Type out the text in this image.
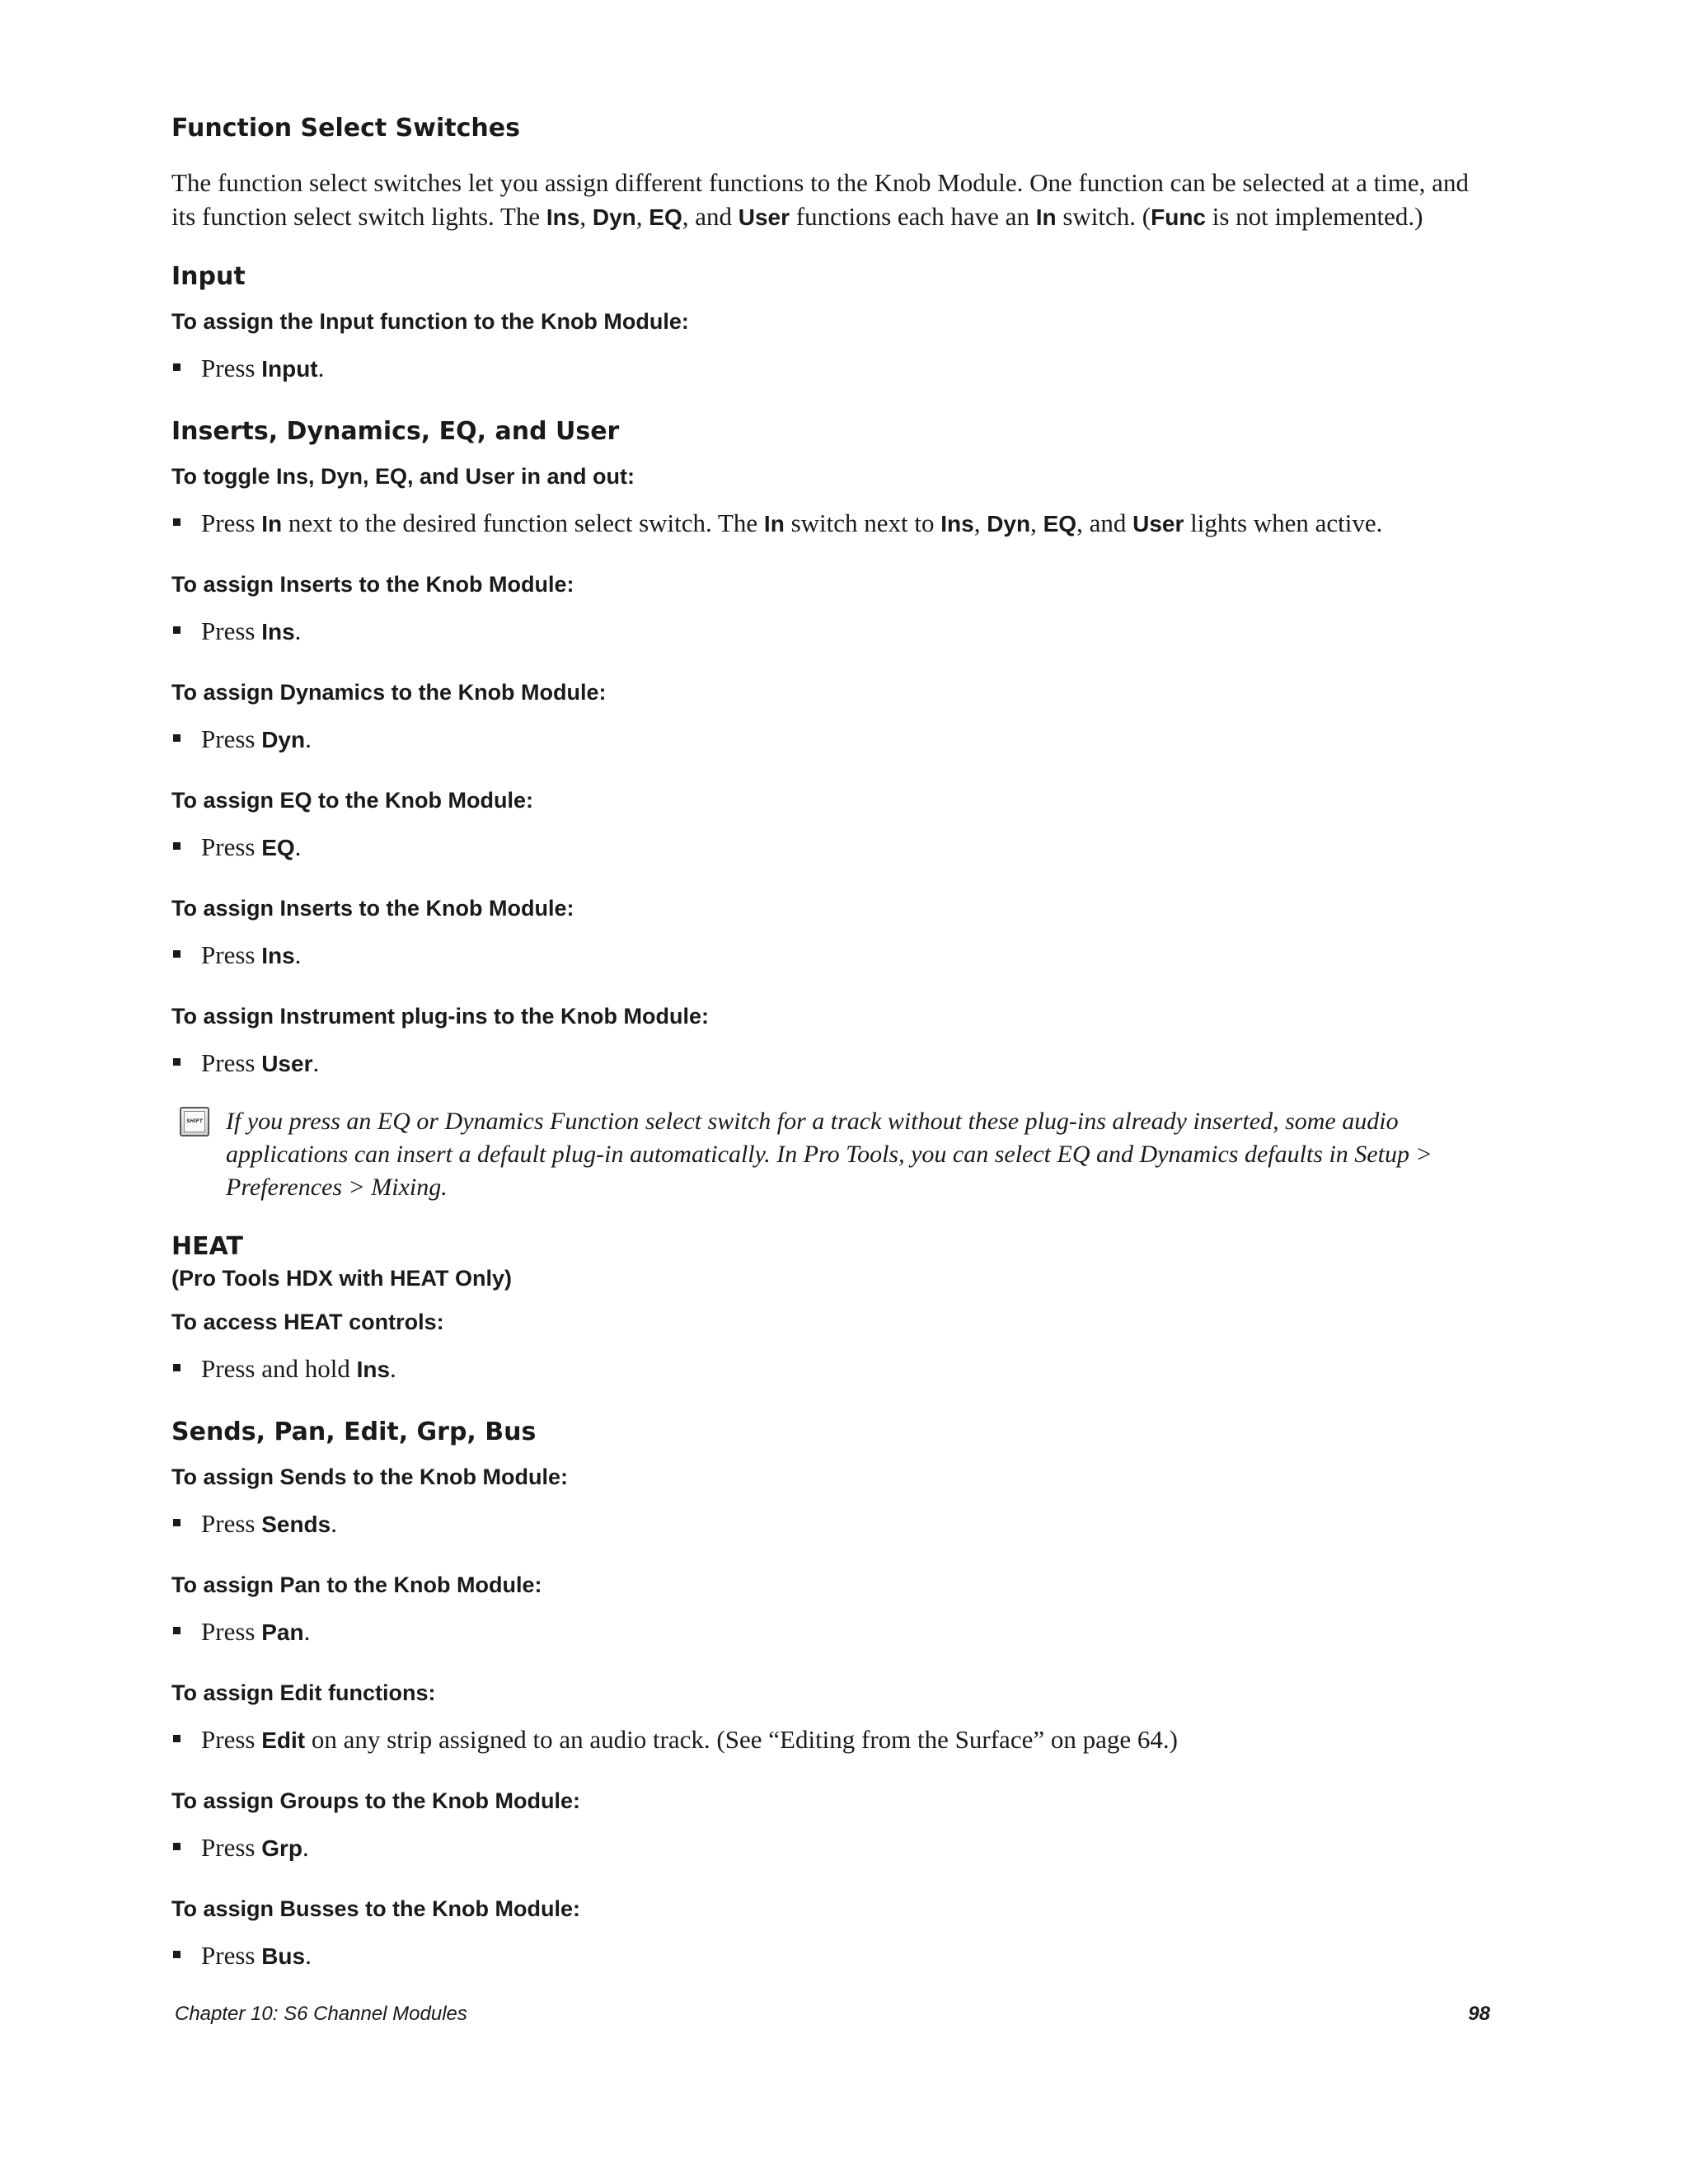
Function Select Switches

The function select switches let you assign different functions to the Knob Module. One function can be selected at a time, and its function select switch lights. The Ins, Dyn, EQ, and User functions each have an In switch. (Func is not implemented.)

Input

To assign the Input function to the Knob Module:

Press Input.

Inserts, Dynamics, EQ, and User

To toggle Ins, Dyn, EQ, and User in and out:

Press In next to the desired function select switch. The In switch next to Ins, Dyn, EQ, and User lights when active.

To assign Inserts to the Knob Module:

Press Ins.

To assign Dynamics to the Knob Module:

Press Dyn.

To assign EQ to the Knob Module:

Press EQ.

To assign Inserts to the Knob Module:

Press Ins.

To assign Instrument plug-ins to the Knob Module:

Press User.

SHIFT If you press an EQ or Dynamics Function select switch for a track without these plug-ins already inserted, some audio applications can insert a default plug-in automatically. In Pro Tools, you can select EQ and Dynamics defaults in Setup > Preferences > Mixing.
HEAT

(Pro Tools HDX with HEAT Only)

To access HEAT controls:

Press and hold Ins.

Sends, Pan, Edit, Grp, Bus

To assign Sends to the Knob Module:

Press Sends.

To assign Pan to the Knob Module:

Press Pan.

To assign Edit functions:

Press Edit on any strip assigned to an audio track. (See “Editing from the Surface” on page 64.)

To assign Groups to the Knob Module:

Press Grp.

To assign Busses to the Knob Module:

Press Bus.

Chapter 10: S6 Channel Modules	98
